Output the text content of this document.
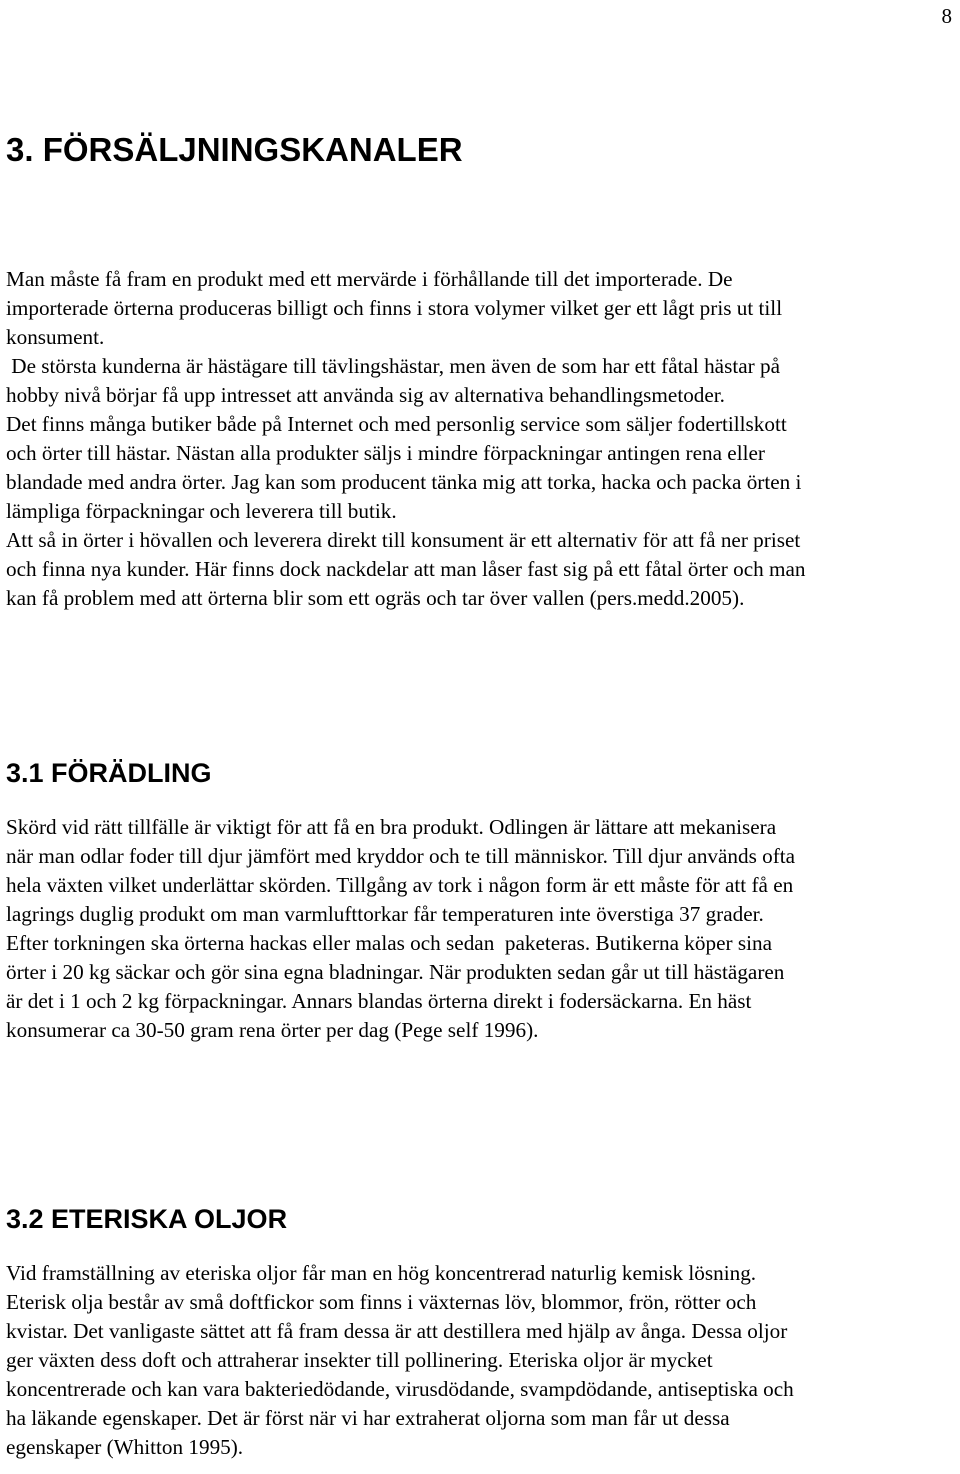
8
3. FÖRSÄLJNINGSKANALER
Man måste få fram en produkt med ett mervärde i förhållande till det importerade. De
importerade örterna produceras billigt och finns i stora volymer vilket ger ett lågt pris ut till
konsument.
De största kunderna är hästägare till tävlingshästar, men även de som har ett fåtal hästar på
hobby nivå börjar få upp intresset att använda sig av alternativa behandlingsmetoder.
Det finns många butiker både på Internet och med personlig service som säljer fodertillskott
och örter till hästar. Nästan alla produkter säljs i mindre förpackningar antingen rena eller
blandade med andra örter. Jag kan som producent tänka mig att torka, hacka och packa örten i
lämpliga förpackningar och leverera till butik.
Att så in örter i hövallen och leverera direkt till konsument är ett alternativ för att få ner priset
och finna nya kunder. Här finns dock nackdelar att man låser fast sig på ett fåtal örter och man
kan få problem med att örterna blir som ett ogräs och tar över vallen (pers.medd.2005).
3.1 FÖRÄDLING
Skörd vid rätt tillfälle är viktigt för att få en bra produkt. Odlingen är lättare att mekanisera
när man odlar foder till djur jämfört med kryddor och te till människor. Till djur används ofta
hela växten vilket underlättar skörden. Tillgång av tork i någon form är ett måste för att få en
lagrings duglig produkt om man varmlufttorkar får temperaturen inte överstiga 37 grader.
Efter torkningen ska örterna hackas eller malas och sedan  paketeras. Butikerna köper sina
örter i 20 kg säckar och gör sina egna bladningar. När produkten sedan går ut till hästägaren
är det i 1 och 2 kg förpackningar. Annars blandas örterna direkt i fodersäckarna. En häst
konsumerar ca 30-50 gram rena örter per dag (Pege self 1996).
3.2 ETERISKA OLJOR
Vid framställning av eteriska oljor får man en hög koncentrerad naturlig kemisk lösning.
Eterisk olja består av små doftfickor som finns i växternas löv, blommor, frön, rötter och
kvistar. Det vanligaste sättet att få fram dessa är att destillera med hjälp av ånga. Dessa oljor
ger växten dess doft och attraherar insekter till pollinering. Eteriska oljor är mycket
koncentrerade och kan vara bakteriedödande, virusdödande, svampdödande, antiseptiska och
ha läkande egenskaper. Det är först när vi har extraherat oljorna som man får ut dessa
egenskaper (Whitton 1995).
